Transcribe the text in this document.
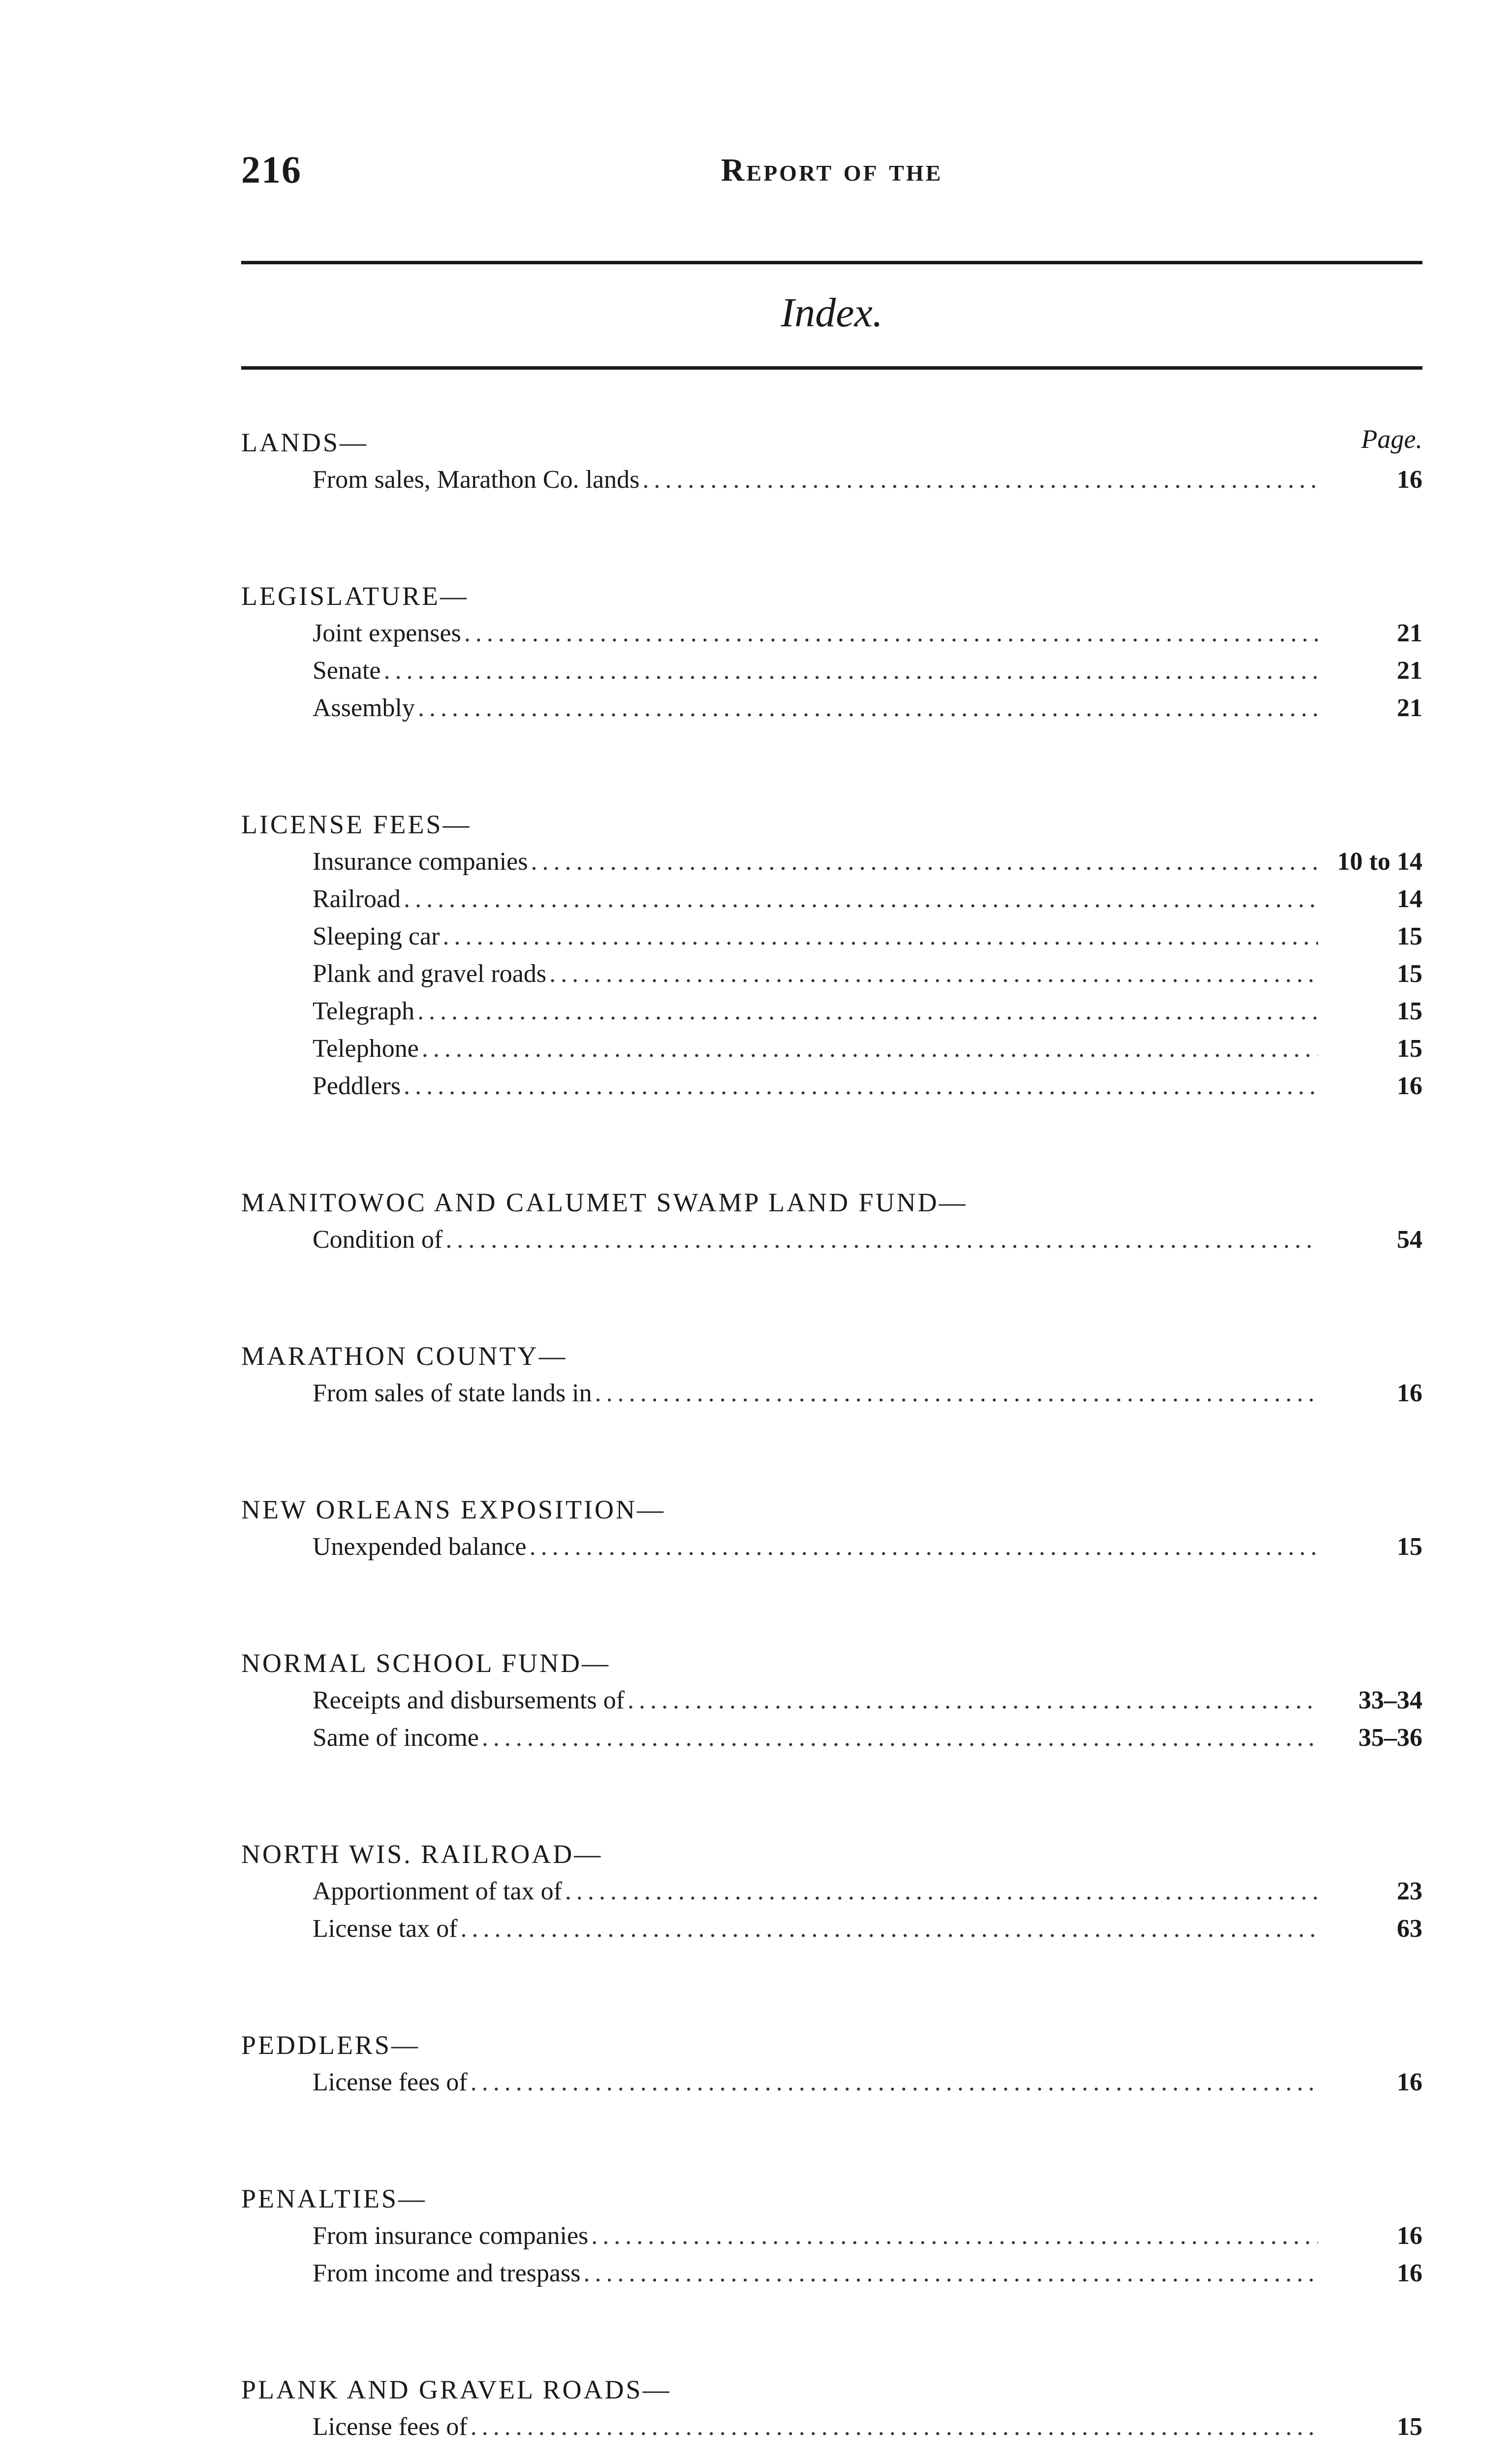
216	Report of the
Index.
Page.
LANDS—
From sales, Marathon Co. lands .....	16
LEGISLATURE—
Joint expenses .....	21
Senate .....	21
Assembly .....	21
LICENSE FEES—
Insurance companies .....	10 to 14
Railroad .....	14
Sleeping car .....	15
Plank and gravel roads .....	15
Telegraph .....	15
Telephone .....	15
Peddlers .....	16
MANITOWOC AND CALUMET SWAMP LAND FUND—
Condition of .....	54
MARATHON COUNTY—
From sales of state lands in .....	16
NEW ORLEANS EXPOSITION—
Unexpended balance .....	15
NORMAL SCHOOL FUND—
Receipts and disbursements of .....	33–34
Same of income .....	35–36
NORTH WIS. RAILROAD—
Apportionment of tax of .....	23
License tax of .....	63
PEDDLERS—
License fees of .....	16
PENALTIES—
From insurance companies .....	16
From income and trespass .....	16
PLANK AND GRAVEL ROADS—
License fees of .....	15
